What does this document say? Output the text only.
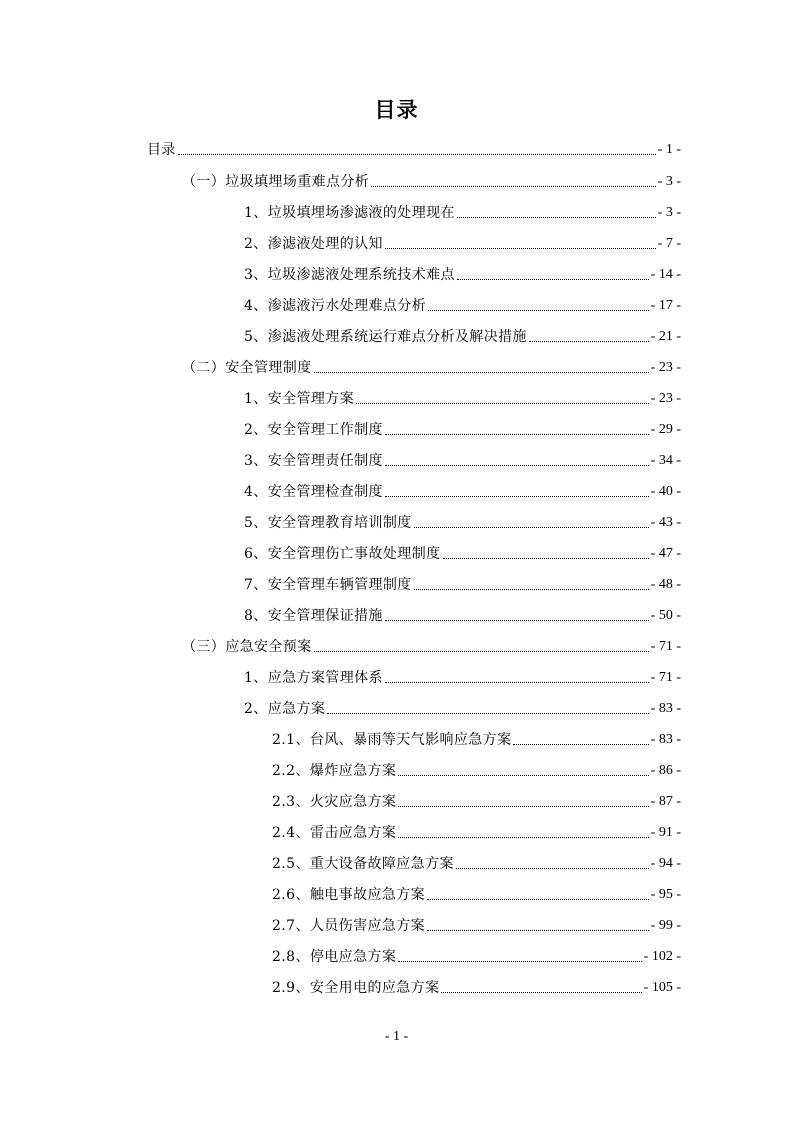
目录
目录	- 1 -
（一）垃圾填埋场重难点分析	- 3 -
1、垃圾填埋场渗滤液的处理现在	- 3 -
2、渗滤液处理的认知	- 7 -
3、垃圾渗滤液处理系统技术难点	- 14 -
4、渗滤液污水处理难点分析	- 17 -
5、渗滤液处理系统运行难点分析及解决措施	- 21 -
（二）安全管理制度	- 23 -
1、安全管理方案	- 23 -
2、安全管理工作制度	- 29 -
3、安全管理责任制度	- 34 -
4、安全管理检查制度	- 40 -
5、安全管理教育培训制度	- 43 -
6、安全管理伤亡事故处理制度	- 47 -
7、安全管理车辆管理制度	- 48 -
8、安全管理保证措施	- 50 -
（三）应急安全预案	- 71 -
1、应急方案管理体系	- 71 -
2、应急方案	- 83 -
2.1、台风、暴雨等天气影响应急方案	- 83 -
2.2、爆炸应急方案	- 86 -
2.3、火灾应急方案	- 87 -
2.4、雷击应急方案	- 91 -
2.5、重大设备故障应急方案	- 94 -
2.6、触电事故应急方案	- 95 -
2.7、人员伤害应急方案	- 99 -
2.8、停电应急方案	- 102 -
2.9、安全用电的应急方案	- 105 -
- 1 -
